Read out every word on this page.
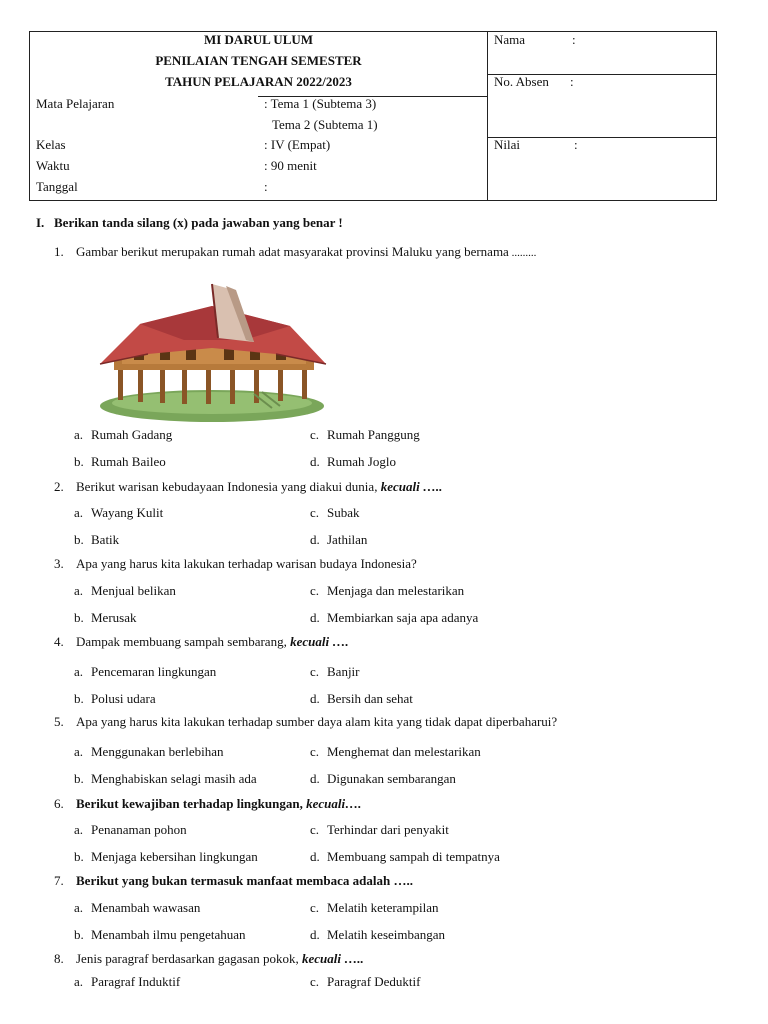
MI DARUL ULUM
PENILAIAN TENGAH SEMESTER
TAHUN PELAJARAN 2022/2023
Mata Pelajaran	: Tema 1 (Subtema 3)
Tema 2 (Subtema 1)
Kelas	: IV (Empat)
Waktu	: 90 menit
Tanggal	:
Nama	:
No. Absen :
Nilai	:
I. Berikan tanda silang (x) pada jawaban yang benar !
1. Gambar berikut merupakan rumah adat masyarakat provinsi Maluku yang bernama .........
a. Rumah Gadang	c. Rumah Panggung
b. Rumah Baileo	d. Rumah Joglo
2. Berikut warisan kebudayaan Indonesia yang diakui dunia, kecuali …..
a. Wayang Kulit	c. Subak
b. Batik	d. Jathilan
3. Apa yang harus kita lakukan terhadap warisan budaya Indonesia?
a. Menjual belikan	c. Menjaga dan melestarikan
b. Merusak	d. Membiarkan saja apa adanya
4. Dampak membuang sampah sembarang, kecuali ….
a. Pencemaran lingkungan	c. Banjir
b. Polusi udara	d. Bersih dan sehat
5. Apa yang harus kita lakukan terhadap sumber daya alam kita yang tidak dapat diperbaharui?
a. Menggunakan berlebihan	c. Menghemat dan melestarikan
b. Menghabiskan selagi masih ada	d. Digunakan sembarangan
6. Berikut kewajiban terhadap lingkungan, kecuali….
a. Penanaman pohon	c. Terhindar dari penyakit
b. Menjaga kebersihan lingkungan	d. Membuang sampah di tempatnya
7. Berikut yang bukan termasuk manfaat membaca adalah …..
a. Menambah wawasan	c. Melatih keterampilan
b. Menambah ilmu pengetahuan	d. Melatih keseimbangan
8. Jenis paragraf berdasarkan gagasan pokok, kecuali …..
a. Paragraf Induktif	c. Paragraf Deduktif
